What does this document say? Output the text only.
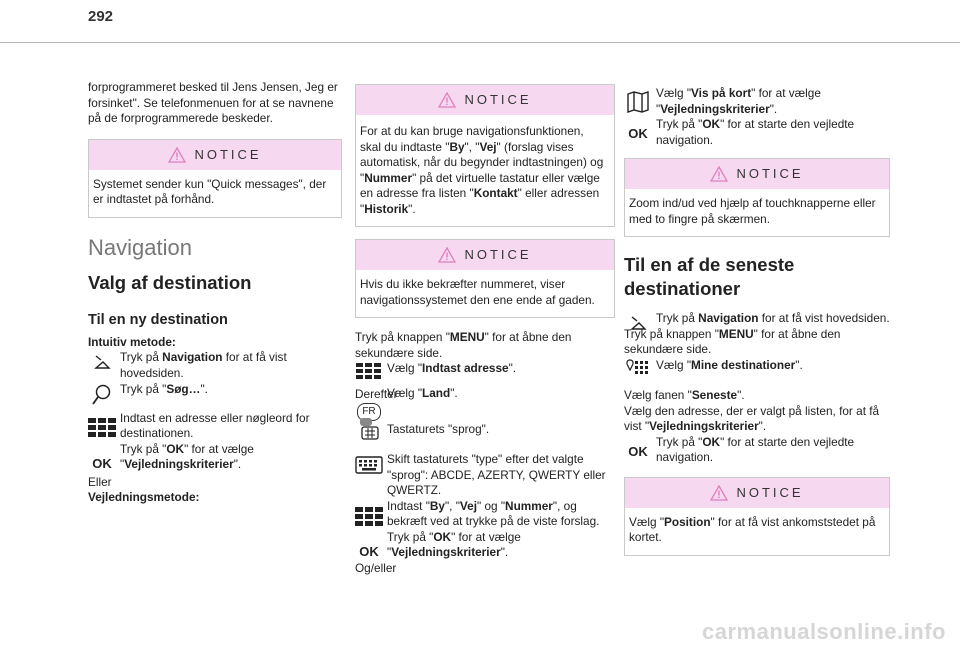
292

forprogrammeret besked til Jens Jensen, Jeg er forsinket". Se telefonmenuen for at se navnene på de forprogrammerede beskeder.

NOTICE

Systemet sender kun "Quick messages", der er indtastet på forhånd.

Navigation
Valg af destination
Til en ny destination

Intuitiv metode:

Tryk på Navigation for at få vist hovedsiden.

Tryk på "Søg…".

Indtast en adresse eller nøgleord for destinationen.

OK

Tryk på "OK" for at vælge "Vejledningskriterier".

Eller

Vejledningsmetode:

NOTICE

For at du kan bruge navigationsfunktionen, skal du indtaste "By", "Vej" (forslag vises automatisk, når du begynder indtastningen) og "Nummer" på det virtuelle tastatur eller vælge en adresse fra listen "Kontakt" eller adressen "Historik".

NOTICE

Hvis du ikke bekræfter nummeret, viser navigationssystemet den ene ende af gaden.

Tryk på knappen "MENU" for at åbne den sekundære side.

Vælg "Indtast adresse".

Derefter

FR

Vælg "Land".

Tastaturets "sprog".

Skift tastaturets "type" efter det valgte "sprog": ABCDE, AZERTY, QWERTY eller QWERTZ.

Indtast "By", "Vej" og "Nummer", og bekræft ved at trykke på de viste forslag.

OK

Tryk på "OK" for at vælge "Vejledningskriterier".

Og/eller

Vælg "Vis på kort" for at vælge "Vejledningskriterier".

OK

Tryk på "OK" for at starte den vejledte navigation.

NOTICE

Zoom ind/ud ved hjælp af touchknapperne eller med to fingre på skærmen.

Til en af de seneste destinationer

Tryk på Navigation for at få vist hovedsiden.

Tryk på knappen "MENU" for at åbne den sekundære side.

Vælg "Mine destinationer".

Vælg fanen "Seneste".

Vælg den adresse, der er valgt på listen, for at få vist "Vejledningskriterier".

OK

Tryk på "OK" for at starte den vejledte navigation.

NOTICE

Vælg "Position" for at få vist ankomststedet på kortet.

carmanualsonline.info
